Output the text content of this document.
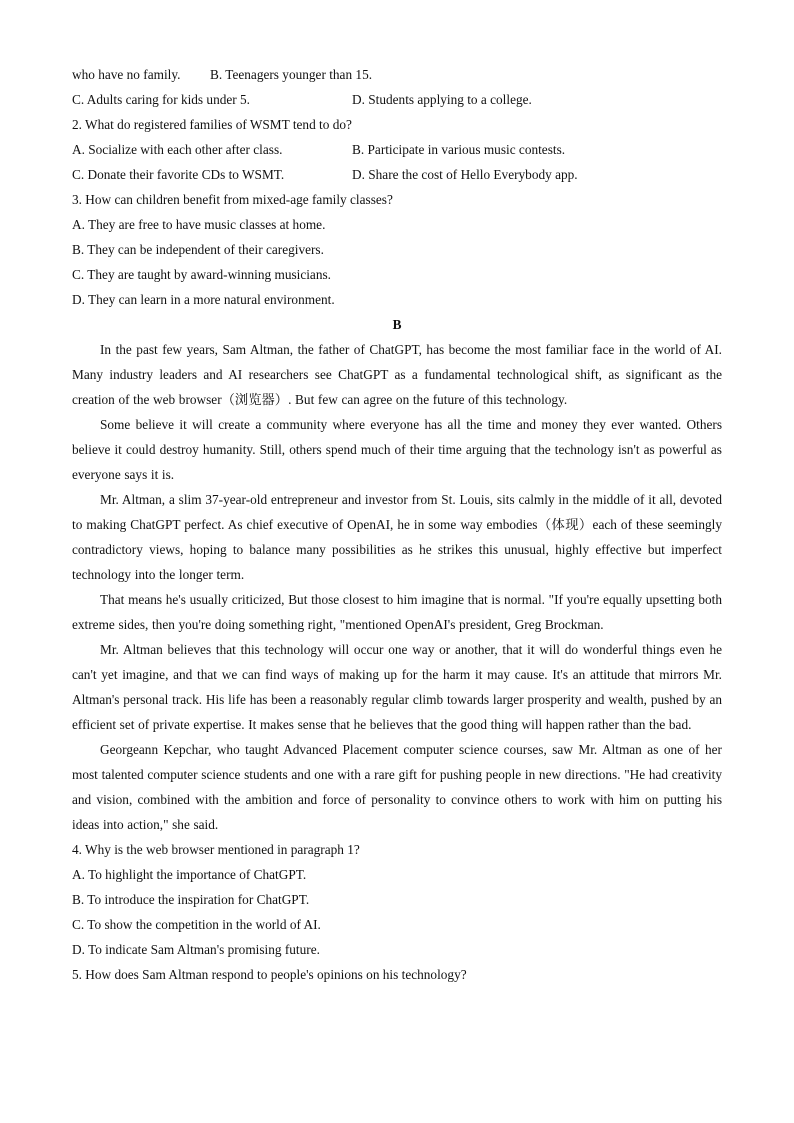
who have no family.	B. Teenagers younger than 15.
C. Adults caring for kids under 5.	D. Students applying to a college.

2. What do registered families of WSMT tend to do?

A. Socialize with each other after class.	B. Participate in various music contests.
C. Donate their favorite CDs to WSMT.	D. Share the cost of Hello Everybody app.

3. How can children benefit from mixed-age family classes?

A. They are free to have music classes at home.

B. They can be independent of their caregivers.

C. They are taught by award-winning musicians.

D. They can learn in a more natural environment.

B

In the past few years, Sam Altman, the father of ChatGPT, has become the most familiar face in the world of AI. Many industry leaders and AI researchers see ChatGPT as a fundamental technological shift, as significant as the creation of the web browser（浏览器）. But few can agree on the future of this technology.

Some believe it will create a community where everyone has all the time and money they ever wanted. Others believe it could destroy humanity. Still, others spend much of their time arguing that the technology isn't as powerful as everyone says it is.

Mr. Altman, a slim 37-year-old entrepreneur and investor from St. Louis, sits calmly in the middle of it all, devoted to making ChatGPT perfect. As chief executive of OpenAI, he in some way embodies（体现）each of these seemingly contradictory views, hoping to balance many possibilities as he strikes this unusual, highly effective but imperfect technology into the longer term.

That means he's usually criticized, But those closest to him imagine that is normal. "If you're equally upsetting both extreme sides, then you're doing something right, "mentioned OpenAI's president, Greg Brockman.

Mr. Altman believes that this technology will occur one way or another, that it will do wonderful things even he can't yet imagine, and that we can find ways of making up for the harm it may cause. It's an attitude that mirrors Mr. Altman's personal track. His life has been a reasonably regular climb towards larger prosperity and wealth, pushed by an efficient set of private expertise. It makes sense that he believes that the good thing will happen rather than the bad.

Georgeann Kepchar, who taught Advanced Placement computer science courses, saw Mr. Altman as one of her most talented computer science students and one with a rare gift for pushing people in new directions. "He had creativity and vision, combined with the ambition and force of personality to convince others to work with him on putting his ideas into action," she said.

4. Why is the web browser mentioned in paragraph 1?

A. To highlight the importance of ChatGPT.

B. To introduce the inspiration for ChatGPT.

C. To show the competition in the world of AI.

D. To indicate Sam Altman's promising future.

5. How does Sam Altman respond to people's opinions on his technology?
